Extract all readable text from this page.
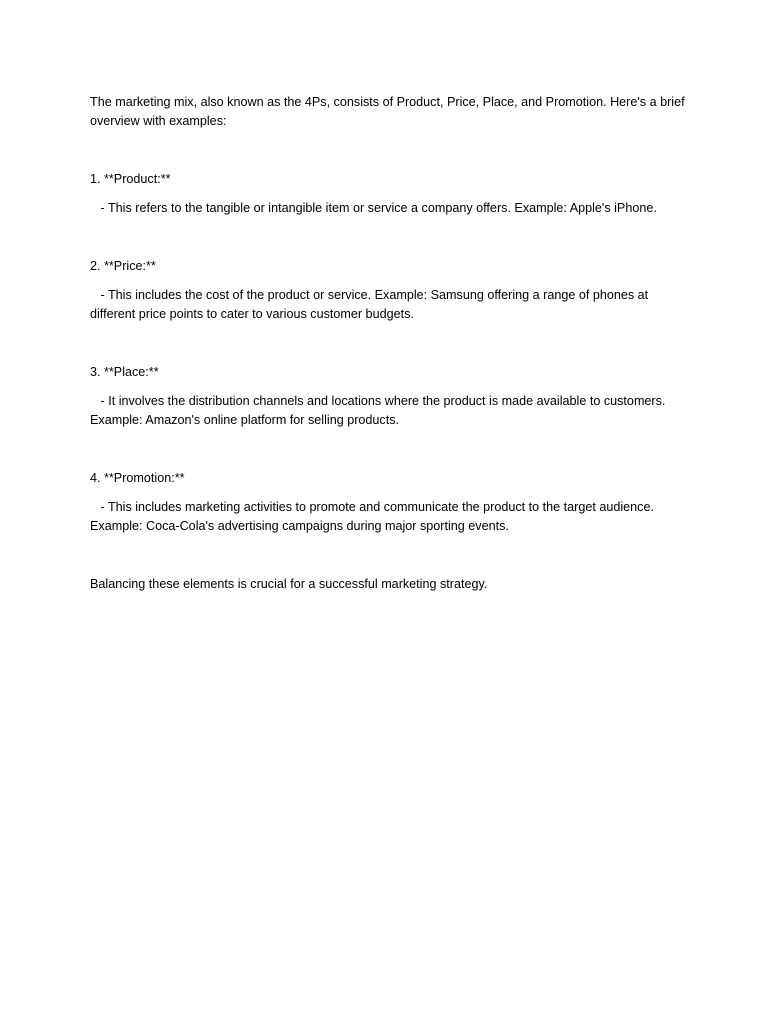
The marketing mix, also known as the 4Ps, consists of Product, Price, Place, and Promotion. Here's a brief overview with examples:

1. **Product:**

- This refers to the tangible or intangible item or service a company offers. Example: Apple's iPhone.

2. **Price:**

- This includes the cost of the product or service. Example: Samsung offering a range of phones at different price points to cater to various customer budgets.

3. **Place:**

- It involves the distribution channels and locations where the product is made available to customers. Example: Amazon's online platform for selling products.

4. **Promotion:**

- This includes marketing activities to promote and communicate the product to the target audience. Example: Coca-Cola's advertising campaigns during major sporting events.

Balancing these elements is crucial for a successful marketing strategy.
